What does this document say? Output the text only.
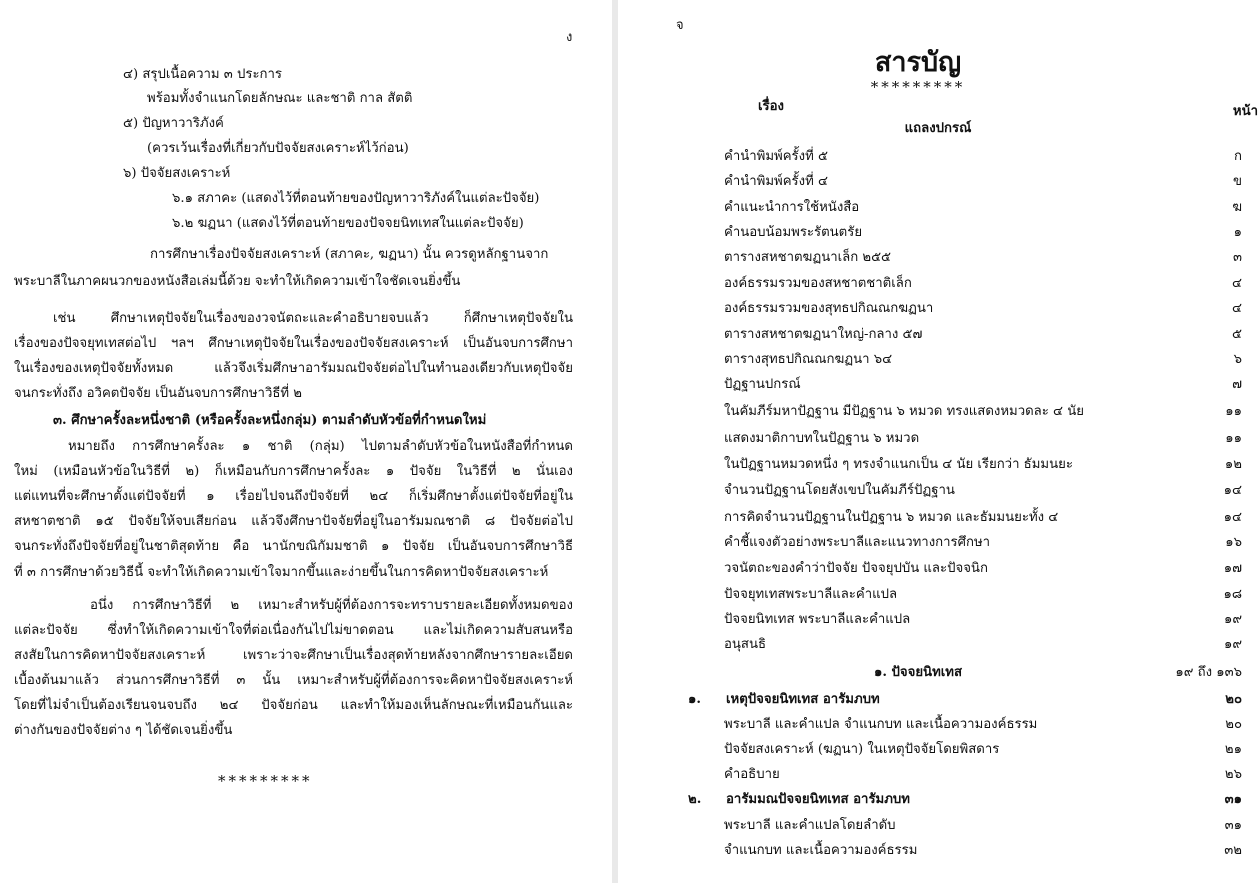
ง
๔) สรุปเนื้อความ ๓ ประการ
พร้อมทั้งจำแนกโดยลักษณะ และชาติ กาล สัตติ
๕) ปัญหาวาริภังค์
(ควรเว้นเรื่องที่เกี่ยวกับปัจจัยสงเคราะห์ไว้ก่อน)
๖) ปัจจัยสงเคราะห์
๖.๑ สภาคะ (แสดงไว้ที่ตอนท้ายของปัญหาวาริภังค์ในแต่ละปัจจัย)
๖.๒ ฆฏนา (แสดงไว้ที่ตอนท้ายของปัจจยนิทเทสในแต่ละปัจจัย)
การศึกษาเรื่องปัจจัยสงเคราะห์ (สภาคะ, ฆฏนา) นั้น ควรดูหลักฐานจาก
พระบาลีในภาคผนวกของหนังสือเล่มนี้ด้วย จะทำให้เกิดความเข้าใจชัดเจนยิ่งขึ้น
เช่น ศึกษาเหตุปัจจัยในเรื่องของวจนัตถะและคำอธิบายจบแล้ว ก็ศึกษาเหตุปัจจัยใน
เรื่องของปัจจยุทเทสต่อไป ฯลฯ ศึกษาเหตุปัจจัยในเรื่องของปัจจัยสงเคราะห์ เป็นอันจบการศึกษา
ในเรื่องของเหตุปัจจัยทั้งหมด แล้วจึงเริ่มศึกษาอารัมมณปัจจัยต่อไปในทำนองเดียวกับเหตุปัจจัย
จนกระทั่งถึง อวิคตปัจจัย เป็นอันจบการศึกษาวิธีที่ ๒
๓. ศึกษาครั้งละหนึ่งชาติ (หรือครั้งละหนึ่งกลุ่ม) ตามลำดับหัวข้อที่กำหนดใหม่
หมายถึง การศึกษาครั้งละ ๑ ชาติ (กลุ่ม) ไปตามลำดับหัวข้อในหนังสือที่กำหนด
ใหม่ (เหมือนหัวข้อในวิธีที่ ๒) ก็เหมือนกับการศึกษาครั้งละ ๑ ปัจจัย ในวิธีที่ ๒ นั่นเอง
แต่แทนที่จะศึกษาตั้งแต่ปัจจัยที่ ๑ เรื่อยไปจนถึงปัจจัยที่ ๒๔ ก็เริ่มศึกษาตั้งแต่ปัจจัยที่อยู่ใน
สหชาตชาติ ๑๕ ปัจจัยให้จบเสียก่อน แล้วจึงศึกษาปัจจัยที่อยู่ในอารัมมณชาติ ๘ ปัจจัยต่อไป
จนกระทั่งถึงปัจจัยที่อยู่ในชาติสุดท้าย คือ นานักขณิกัมมชาติ ๑ ปัจจัย เป็นอันจบการศึกษาวิธี
ที่ ๓ การศึกษาด้วยวิธีนี้ จะทำให้เกิดความเข้าใจมากขึ้นและง่ายขึ้นในการคิดหาปัจจัยสงเคราะห์
อนึ่ง การศึกษาวิธีที่ ๒ เหมาะสำหรับผู้ที่ต้องการจะทราบรายละเอียดทั้งหมดของ
แต่ละปัจจัย ซึ่งทำให้เกิดความเข้าใจที่ต่อเนื่องกันไปไม่ขาดตอน และไม่เกิดความสับสนหรือ
สงสัยในการคิดหาปัจจัยสงเคราะห์ เพราะว่าจะศึกษาเป็นเรื่องสุดท้ายหลังจากศึกษารายละเอียด
เบื้องต้นมาแล้ว ส่วนการศึกษาวิธีที่ ๓ นั้น เหมาะสำหรับผู้ที่ต้องการจะคิดหาปัจจัยสงเคราะห์
โดยที่ไม่จำเป็นต้องเรียนจนจบถึง ๒๔ ปัจจัยก่อน และทำให้มองเห็นลักษณะที่เหมือนกันและ
ต่างกันของปัจจัยต่าง ๆ ได้ชัดเจนยิ่งขึ้น
*********
จ
สารบัญ
*********
เรื่อง	หน้า
แถลงปกรณ์
คำนำพิมพ์ครั้งที่ ๕	ก
คำนำพิมพ์ครั้งที่ ๔	ข
คำแนะนำการใช้หนังสือ	ฆ
คำนอบน้อมพระรัตนตรัย	๑
ตารางสหชาตฆฏนาเล็ก ๒๕๕	๓
องค์ธรรมรวมของสหชาตชาติเล็ก	๔
องค์ธรรมรวมของสุทธปกิณณกฆฏนา	๔
ตารางสหชาตฆฏนาใหญ่-กลาง ๕๗	๕
ตารางสุทธปกิณณกฆฏนา ๖๔	๖
ปัฏฐานปกรณ์	๗
ในคัมภีร์มหาปัฏฐาน มีปัฏฐาน ๖ หมวด ทรงแสดงหมวดละ ๔ นัย	๑๑
แสดงมาติกาบทในปัฏฐาน ๖ หมวด	๑๑
ในปัฏฐานหมวดหนึ่ง ๆ ทรงจำแนกเป็น ๔ นัย เรียกว่า ธัมมนยะ	๑๒
จำนวนปัฏฐานโดยสังเขปในคัมภีร์ปัฏฐาน	๑๔
การคิดจำนวนปัฏฐานในปัฏฐาน ๖ หมวด และธัมมนยะทั้ง ๔	๑๔
คำชี้แจงตัวอย่างพระบาลีและแนวทางการศึกษา	๑๖
วจนัตถะของคำว่าปัจจัย ปัจจยุปบัน และปัจจนิก	๑๗
ปัจจยุทเทสพระบาลีและคำแปล	๑๘
ปัจจยนิทเทส พระบาลีและคำแปล	๑๙
อนุสนธิ	๑๙
๑. ปัจจยนิทเทส	๑๙ ถึง ๑๓๖
๑. เหตุปัจจยนิทเทส อารัมภบท	๒๐
พระบาลี และคำแปล จำแนกบท และเนื้อความองค์ธรรม	๒๐
ปัจจัยสงเคราะห์ (ฆฏนา) ในเหตุปัจจัยโดยพิสดาร	๒๑
คำอธิบาย	๒๖
๒. อารัมมณปัจจยนิทเทส อารัมภบท	๓๑
พระบาลี และคำแปลโดยลำดับ	๓๑
จำแนกบท และเนื้อความองค์ธรรม	๓๒
